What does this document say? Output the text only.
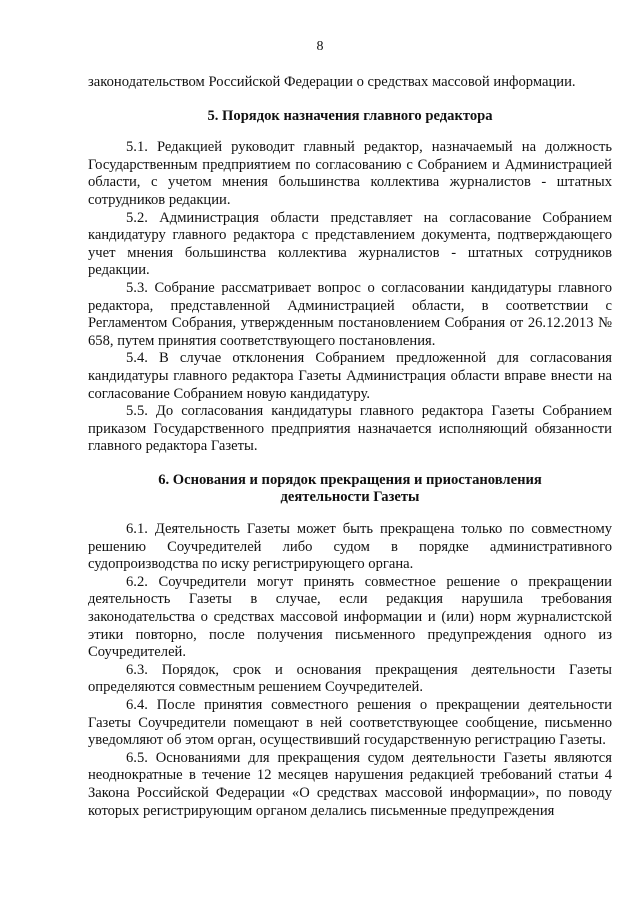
8

законодательством Российской Федерации о средствах массовой информации.

5. Порядок назначения главного редактора

5.1. Редакцией руководит главный редактор, назначаемый на должность Государственным предприятием по согласованию с Собранием и Администрацией области, с учетом мнения большинства коллектива журналистов - штатных сотрудников редакции.

5.2. Администрация области представляет на согласование Собранием кандидатуру главного редактора с представлением документа, подтверждающего учет мнения большинства коллектива журналистов - штатных сотрудников редакции.

5.3. Собрание рассматривает вопрос о согласовании кандидатуры главного редактора, представленной Администрацией области, в соответствии с Регламентом Собрания, утвержденным постановлением Собрания от 26.12.2013 № 658, путем принятия соответствующего постановления.

5.4. В случае отклонения Собранием предложенной для согласования кандидатуры главного редактора Газеты Администрация области вправе внести на согласование Собранием новую кандидатуру.

5.5. До согласования кандидатуры главного редактора Газеты Собранием приказом Государственного предприятия назначается исполняющий обязанности главного редактора Газеты.

6. Основания и порядок прекращения и приостановления

деятельности Газеты

6.1. Деятельность Газеты может быть прекращена только по совместному решению Соучредителей либо судом в порядке административного судопроизводства по иску регистрирующего органа.

6.2. Соучредители могут принять совместное решение о прекращении деятельность Газеты в случае, если редакция нарушила требования законодательства о средствах массовой информации и (или) норм журналистской этики повторно, после получения письменного предупреждения одного из Соучредителей.

6.3. Порядок, срок и основания прекращения деятельности Газеты определяются совместным решением Соучредителей.

6.4. После принятия совместного решения о прекращении деятельности Газеты Соучредители помещают в ней соответствующее сообщение, письменно уведомляют об этом орган, осуществивший государственную регистрацию Газеты.

6.5. Основаниями для прекращения судом деятельности Газеты являются неоднократные в течение 12 месяцев нарушения редакцией требований статьи 4 Закона Российской Федерации «О средствах массовой информации», по поводу которых регистрирующим органом делались письменные предупреждения
